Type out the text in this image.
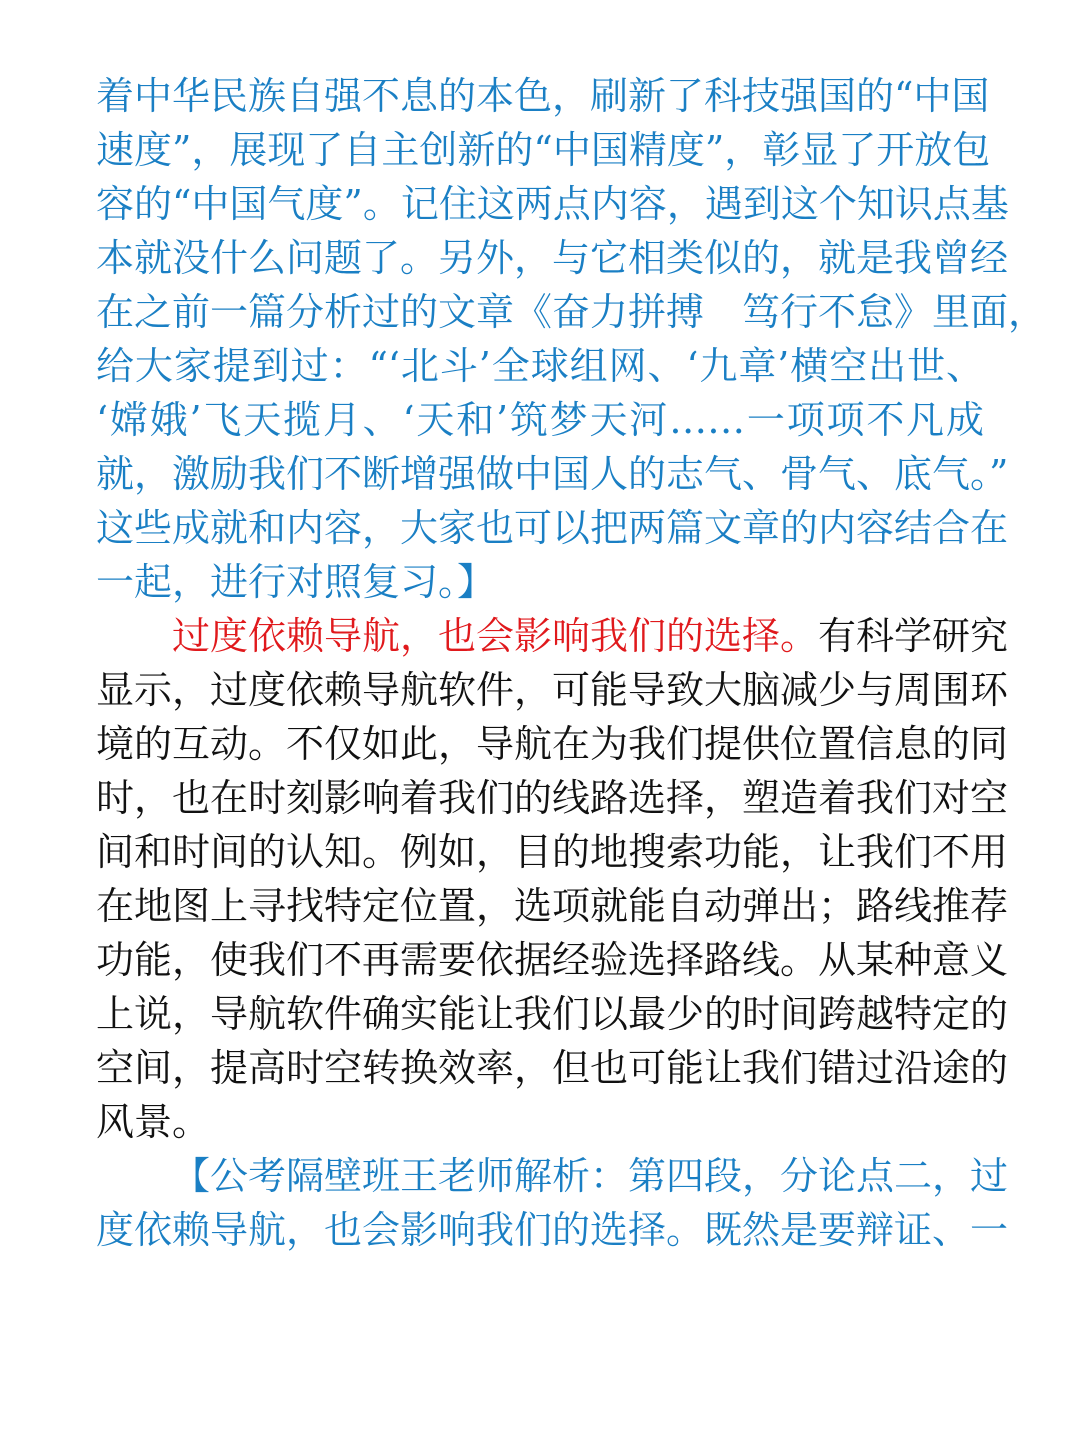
着中华民族自强不息的本色，刷新了科技强国的“中国
速度”，展现了自主创新的“中国精度”，彰显了开放包
容的“中国气度”。记住这两点内容，遇到这个知识点基
本就没什么问题了。另外，与它相类似的，就是我曾经
在之前一篇分析过的文章《奋力拼搏　笃行不怠》里面，
给大家提到过：“‘北斗’全球组网、‘九章’横空出世、
‘嫦娥’飞天揽月、‘天和’筑梦天河……一项项不凡成
就，激励我们不断增强做中国人的志气、骨气、底气。”
这些成就和内容，大家也可以把两篇文章的内容结合在
一起，进行对照复习。】
过度依赖导航，也会影响我们的选择。有科学研究
显示，过度依赖导航软件，可能导致大脑减少与周围环
境的互动。不仅如此，导航在为我们提供位置信息的同
时，也在时刻影响着我们的线路选择，塑造着我们对空
间和时间的认知。例如，目的地搜索功能，让我们不用
在地图上寻找特定位置，选项就能自动弹出；路线推荐
功能，使我们不再需要依据经验选择路线。从某种意义
上说，导航软件确实能让我们以最少的时间跨越特定的
空间，提高时空转换效率，但也可能让我们错过沿途的
风景。
【公考隔壁班王老师解析：第四段，分论点二，过
度依赖导航，也会影响我们的选择。既然是要辩证、一
